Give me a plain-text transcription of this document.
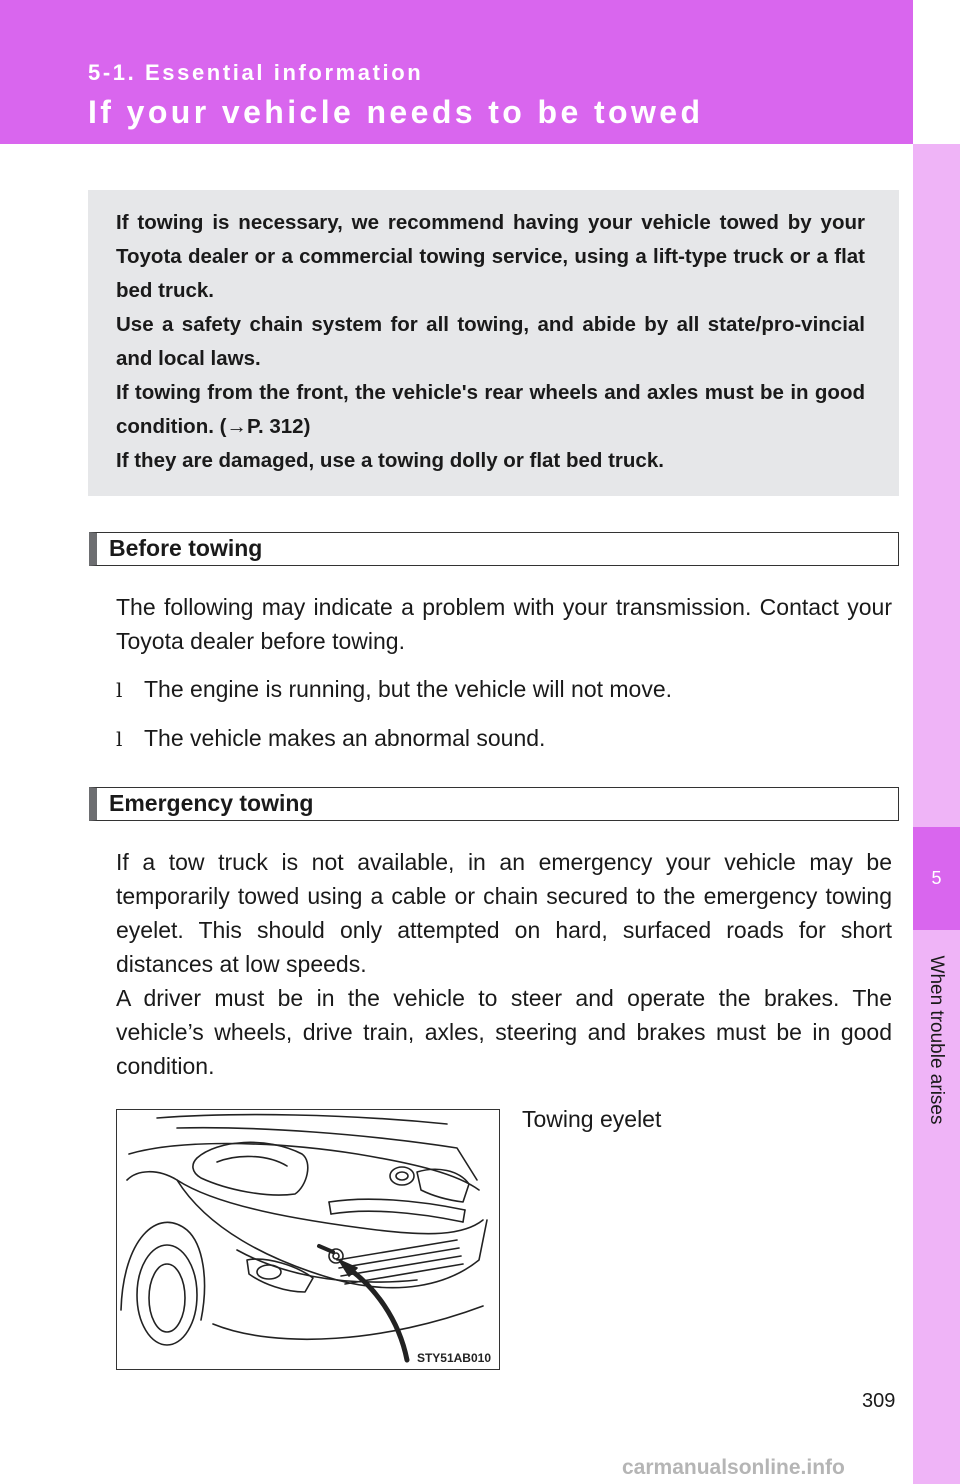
5-1. Essential information
If your vehicle needs to be towed
5
When trouble arises

If towing is necessary, we recommend having your vehicle towed by your Toyota dealer or a commercial towing service, using a lift-type truck or a flat bed truck.

Use a safety chain system for all towing, and abide by all state/pro-vincial and local laws.

If towing from the front, the vehicle's rear wheels and axles must be in good condition. (→P. 312)

If they are damaged, use a towing dolly or flat bed truck.

Before towing

The following may indicate a problem with your transmission. Contact your Toyota dealer before towing.

l The engine is running, but the vehicle will not move.
l The vehicle makes an abnormal sound.
Emergency towing

If a tow truck is not available, in an emergency your vehicle may be temporarily towed using a cable or chain secured to the emergency towing eyelet. This should only attempted on hard, surfaced roads for short distances at low speeds.

A driver must be in the vehicle to steer and operate the brakes. The vehicle’s wheels, drive train, axles, steering and brakes must be in good condition.

STY51AB010
Towing eyelet
309
carmanualsonline.info
